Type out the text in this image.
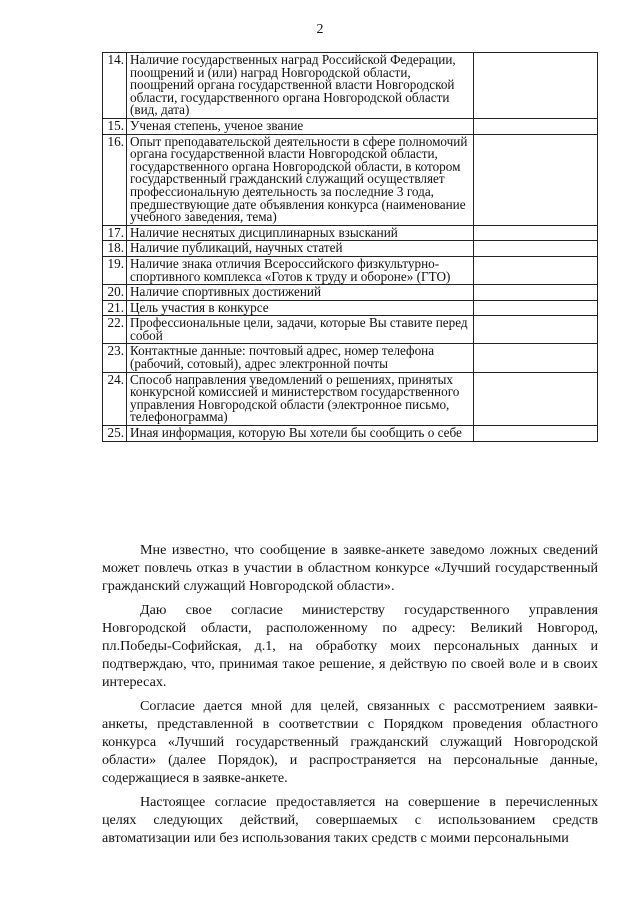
2
14.	Наличие государственных наград Российской Федерации, поощрений и (или) наград Новгородской области, поощрений органа государственной власти Новгородской области, государственного органа Новгородской области (вид, дата)	
15.	Ученая степень, ученое звание	
16.	Опыт преподавательской деятельности в сфере полномочий органа государственной власти Новгородской области, государственного органа Новгородской области, в котором государственный гражданский служащий осуществляет профессиональную деятельность за последние 3 года, предшествующие дате объявления конкурса (наименование учебного заведения, тема)	
17.	Наличие неснятых дисциплинарных взысканий	
18.	Наличие публикаций, научных статей	
19.	Наличие знака отличия Всероссийского физкультурно-спортивного комплекса «Готов к труду и обороне» (ГТО)	
20.	Наличие спортивных достижений	
21.	Цель участия в конкурсе	
22.	Профессиональные цели, задачи, которые Вы ставите перед собой	
23.	Контактные данные: почтовый адрес, номер телефона (рабочий, сотовый), адрес электронной почты	
24.	Способ направления уведомлений о решениях, принятых конкурсной комиссией и министерством государственного управления Новгородской области (электронное письмо, телефонограмма)	
25.	Иная информация, которую Вы хотели бы сообщить о себе	

Мне известно, что сообщение в заявке-анкете заведомо ложных сведений может повлечь отказ в участии в областном конкурсе «Лучший государственный гражданский служащий Новгородской области».

Даю свое согласие министерству государственного управления Новгородской области, расположенному по адресу: Великий Новгород, пл.Победы-Софийская, д.1, на обработку моих персональных данных и подтверждаю, что, принимая такое решение, я действую по своей воле и в своих интересах.

Согласие дается мной для целей, связанных с рассмотрением заявки-анкеты, представленной в соответствии с Порядком проведения областного конкурса «Лучший государственный гражданский служащий Новгородской области» (далее Порядок), и распространяется на персональные данные, содержащиеся в заявке-анкете.

Настоящее согласие предоставляется на совершение в перечисленных целях следующих действий, совершаемых с использованием средств автоматизации или без использования таких средств с моими персональными
